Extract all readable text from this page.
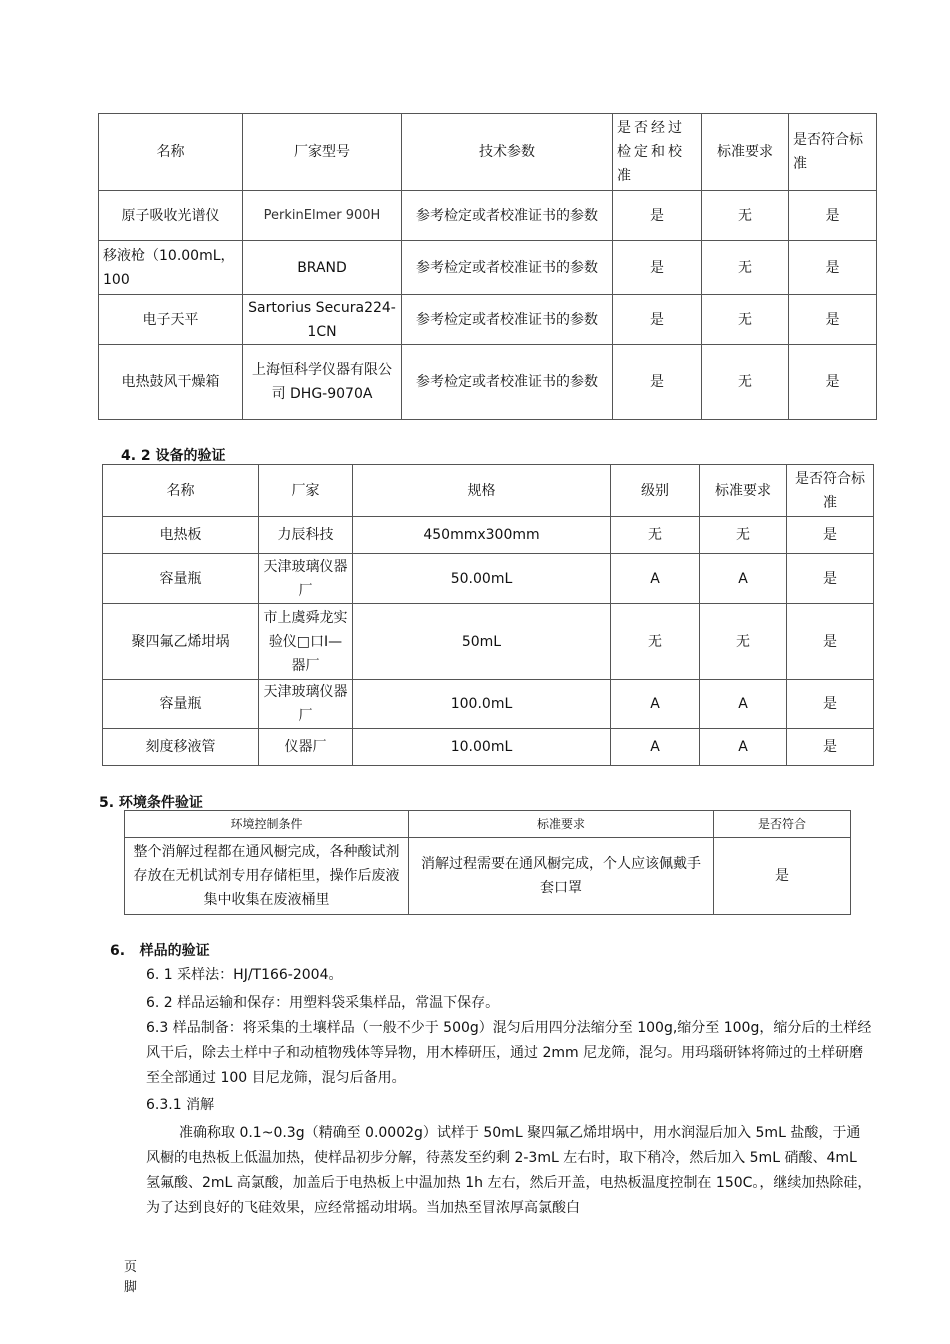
名称	厂家型号	技术参数	是否经过检定和校准	标准要求	是否符合标准
原子吸收光谱仪	PerkinElmer 900H	参考检定或者校准证书的参数	是	无	是
移液枪（10.00mL，100	BRAND	参考检定或者校准证书的参数	是	无	是
电子天平	Sartorius Secura224-1CN	参考检定或者校准证书的参数	是	无	是
电热鼓风干燥箱	上海恒科学仪器有限公司 DHG-9070A	参考检定或者校准证书的参数	是	无	是
4. 2 设备的验证
名称	厂家	规格	级别	标准要求	是否符合标准
电热板	力辰科技	450mmx300mm	无	无	是
容量瓶	天津玻璃仪器厂	50.00mL	A	A	是
聚四氟乙烯坩埚	市上虞舜龙实验仪□口I—器厂	50mL	无	无	是
容量瓶	天津玻璃仪器厂	100.0mL	A	A	是
刻度移液管	仪器厂	10.00mL	A	A	是
5. 环境条件验证
环境控制条件	标准要求	是否符合
整个消解过程都在通风橱完成，各种酸试剂存放在无机试剂专用存储柜里，操作后废液集中收集在废液桶里	消解过程需要在通风橱完成，个人应该佩戴手套口罩	是
6.   样品的验证
6. 1 采样法：HJ/T166-2004。
6. 2 样品运输和保存：用塑料袋采集样品，常温下保存。
6.3 样品制备：将采集的土壤样品（一般不少于 500g）混匀后用四分法缩分至 100g,缩分至 100g，缩分后的土样经风干后，除去土样中子和动植物残体等异物，用木棒研压，通过 2mm 尼龙筛，混匀。用玛瑙研钵将筛过的土样研磨至全部通过 100 目尼龙筛，混匀后备用。
6.3.1 消解
准确称取 0.1~0.3g（精确至 0.0002g）试样于 50mL 聚四氟乙烯坩埚中，用水润湿后加入 5mL 盐酸，于通风橱的电热板上低温加热，使样品初步分解，待蒸发至约剩 2-3mL 左右时，取下稍冷，然后加入 5mL 硝酸、4mL 氢氟酸、2mL 高氯酸，加盖后于电热板上中温加热 1h 左右，然后开盖，电热板温度控制在 150C。，继续加热除硅，为了达到良好的飞硅效果，应经常摇动坩埚。当加热至冒浓厚高氯酸白
页脚
